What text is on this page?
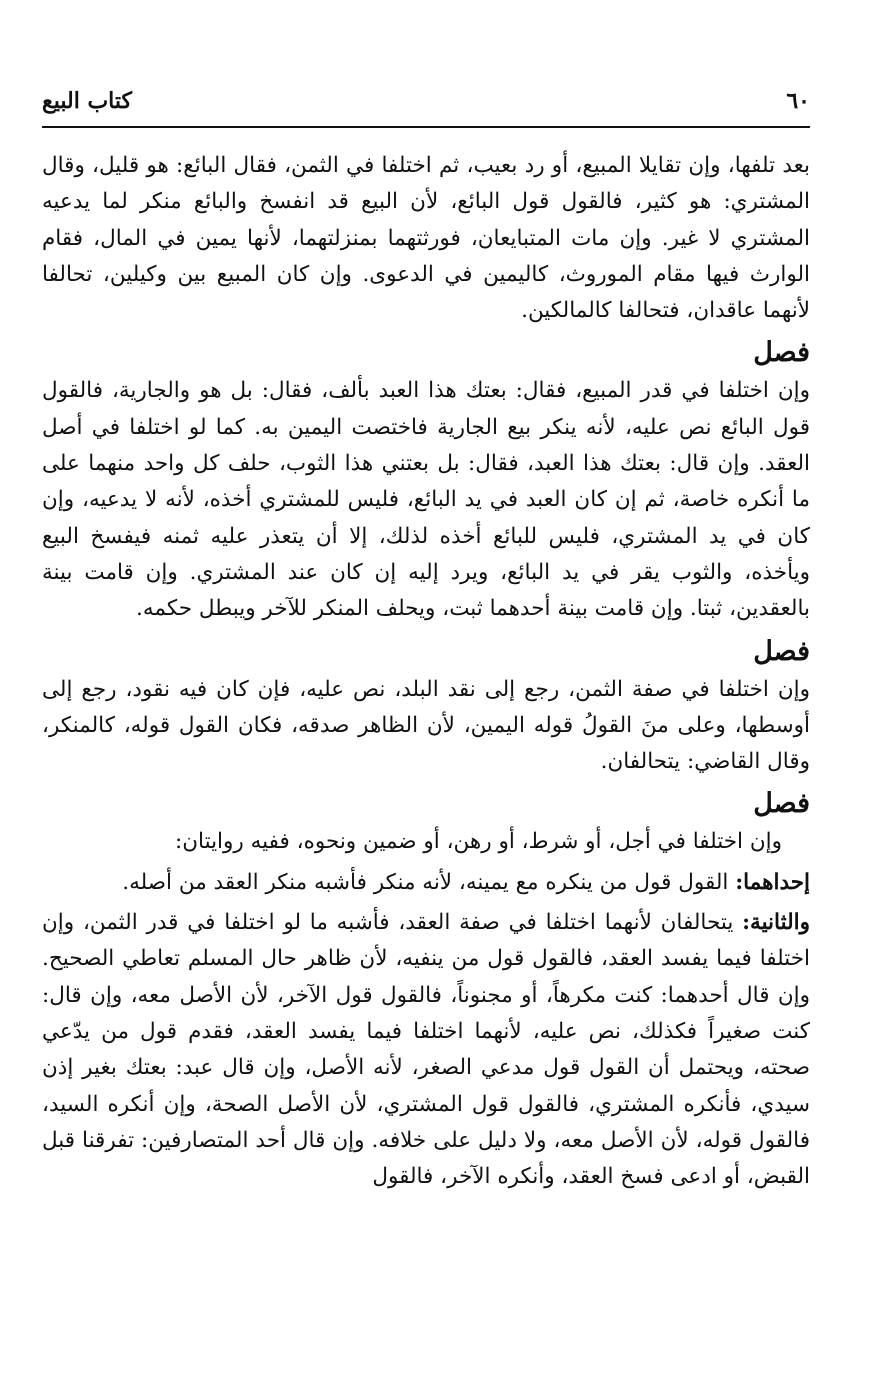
٦٠
كتاب البيع

بعد تلفها، وإن تقايلا المبيع، أو رد بعيب، ثم اختلفا في الثمن، فقال البائع: هو قليل، وقال المشتري: هو كثير، فالقول قول البائع، لأن البيع قد انفسخ والبائع منكر لما يدعيه المشتري لا غير. وإن مات المتبايعان، فورثتهما بمنزلتهما، لأنها يمين في المال، فقام الوارث فيها مقام الموروث، كاليمين في الدعوى. وإن كان المبيع بين وكيلين، تحالفا لأنهما عاقدان، فتحالفا كالمالكين.

فصل

وإن اختلفا في قدر المبيع، فقال: بعتك هذا العبد بألف، فقال: بل هو والجارية، فالقول قول البائع نص عليه، لأنه ينكر بيع الجارية فاختصت اليمين به. كما لو اختلفا في أصل العقد. وإن قال: بعتك هذا العبد، فقال: بل بعتني هذا الثوب، حلف كل واحد منهما على ما أنكره خاصة، ثم إن كان العبد في يد البائع، فليس للمشتري أخذه، لأنه لا يدعيه، وإن كان في يد المشتري، فليس للبائع أخذه لذلك، إلا أن يتعذر عليه ثمنه فيفسخ البيع ويأخذه، والثوب يقر في يد البائع، ويرد إليه إن كان عند المشتري. وإن قامت بينة بالعقدين، ثبتا. وإن قامت بينة أحدهما ثبت، ويحلف المنكر للآخر ويبطل حكمه.

فصل

وإن اختلفا في صفة الثمن، رجع إلى نقد البلد، نص عليه، فإن كان فيه نقود، رجع إلى أوسطها، وعلى منَ القولُ قوله اليمين، لأن الظاهر صدقه، فكان القول قوله، كالمنكر، وقال القاضي: يتحالفان.

فصل

وإن اختلفا في أجل، أو شرط، أو رهن، أو ضمين ونحوه، ففيه روايتان:

إحداهما: القول قول من ينكره مع يمينه، لأنه منكر فأشبه منكر العقد من أصله.

والثانية: يتحالفان لأنهما اختلفا في صفة العقد، فأشبه ما لو اختلفا في قدر الثمن، وإن اختلفا فيما يفسد العقد، فالقول قول من ينفيه، لأن ظاهر حال المسلم تعاطي الصحيح. وإن قال أحدهما: كنت مكرهاً، أو مجنوناً، فالقول قول الآخر، لأن الأصل معه، وإن قال: كنت صغيراً فكذلك، نص عليه، لأنهما اختلفا فيما يفسد العقد، فقدم قول من يدّعي صحته، ويحتمل أن القول قول مدعي الصغر، لأنه الأصل، وإن قال عبد: بعتك بغير إذن سيدي، فأنكره المشتري، فالقول قول المشتري، لأن الأصل الصحة، وإن أنكره السيد، فالقول قوله، لأن الأصل معه، ولا دليل على خلافه. وإن قال أحد المتصارفين: تفرقنا قبل القبض، أو ادعى فسخ العقد، وأنكره الآخر، فالقول
